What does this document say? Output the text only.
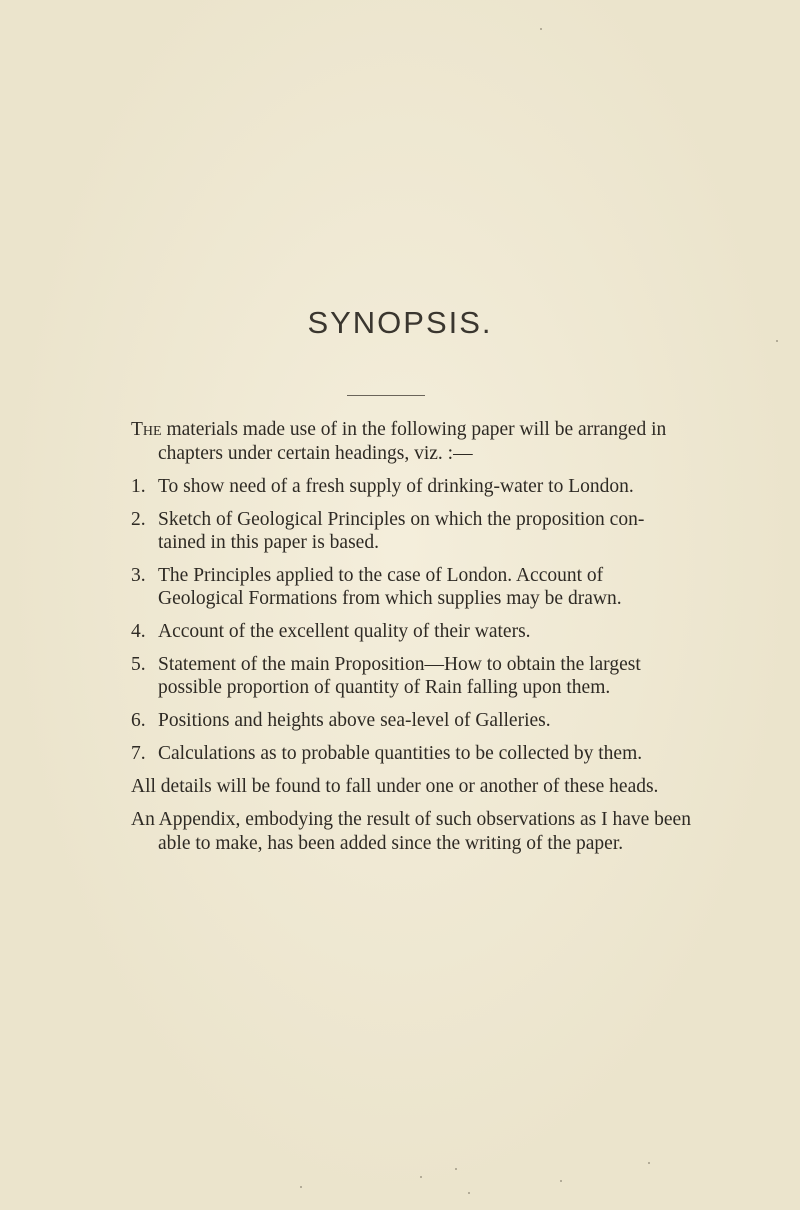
SYNOPSIS.
The materials made use of in the following paper will be arranged in
chapters under certain headings, viz. :—
1. To show need of a fresh supply of drinking-water to London.
2. Sketch of Geological Principles on which the proposition con-
tained in this paper is based.
3. The Principles applied to the case of London. Account of
Geological Formations from which supplies may be drawn.
4. Account of the excellent quality of their waters.
5. Statement of the main Proposition—How to obtain the largest
possible proportion of quantity of Rain falling upon them.
6. Positions and heights above sea-level of Galleries.
7. Calculations as to probable quantities to be collected by them.
All details will be found to fall under one or another of these heads.
An Appendix, embodying the result of such observations as I have been
able to make, has been added since the writing of the paper.
